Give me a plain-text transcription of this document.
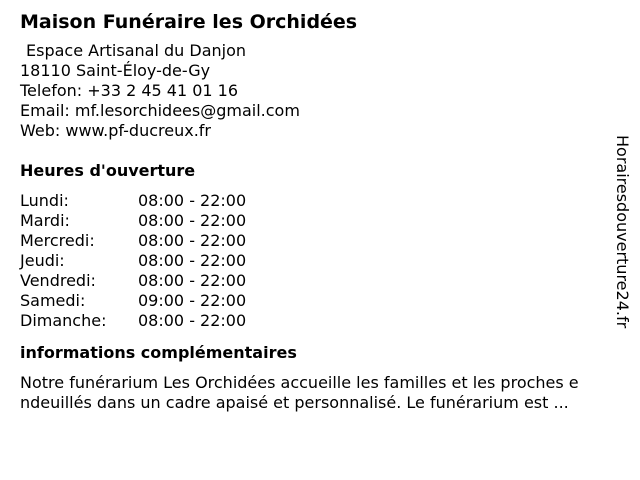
Maison Funéraire les Orchidées
Espace Artisanal du Danjon
18110 Saint-Éloy-de-Gy
Telefon: +33 2 45 41 01 16
Email: mf.lesorchidees@gmail.com
Web: www.pf-ducreux.fr
Heures d'ouverture
Lundi:	08:00 - 22:00
Mardi:	08:00 - 22:00
Mercredi:	08:00 - 22:00
Jeudi:	08:00 - 22:00
Vendredi:	08:00 - 22:00
Samedi:	09:00 - 22:00
Dimanche:	08:00 - 22:00
informations complémentaires
Notre funérarium Les Orchidées accueille les familles et les proches e
ndeuillés dans un cadre apaisé et personnalisé. Le funérarium est ...
Horairesdouverture24.fr
